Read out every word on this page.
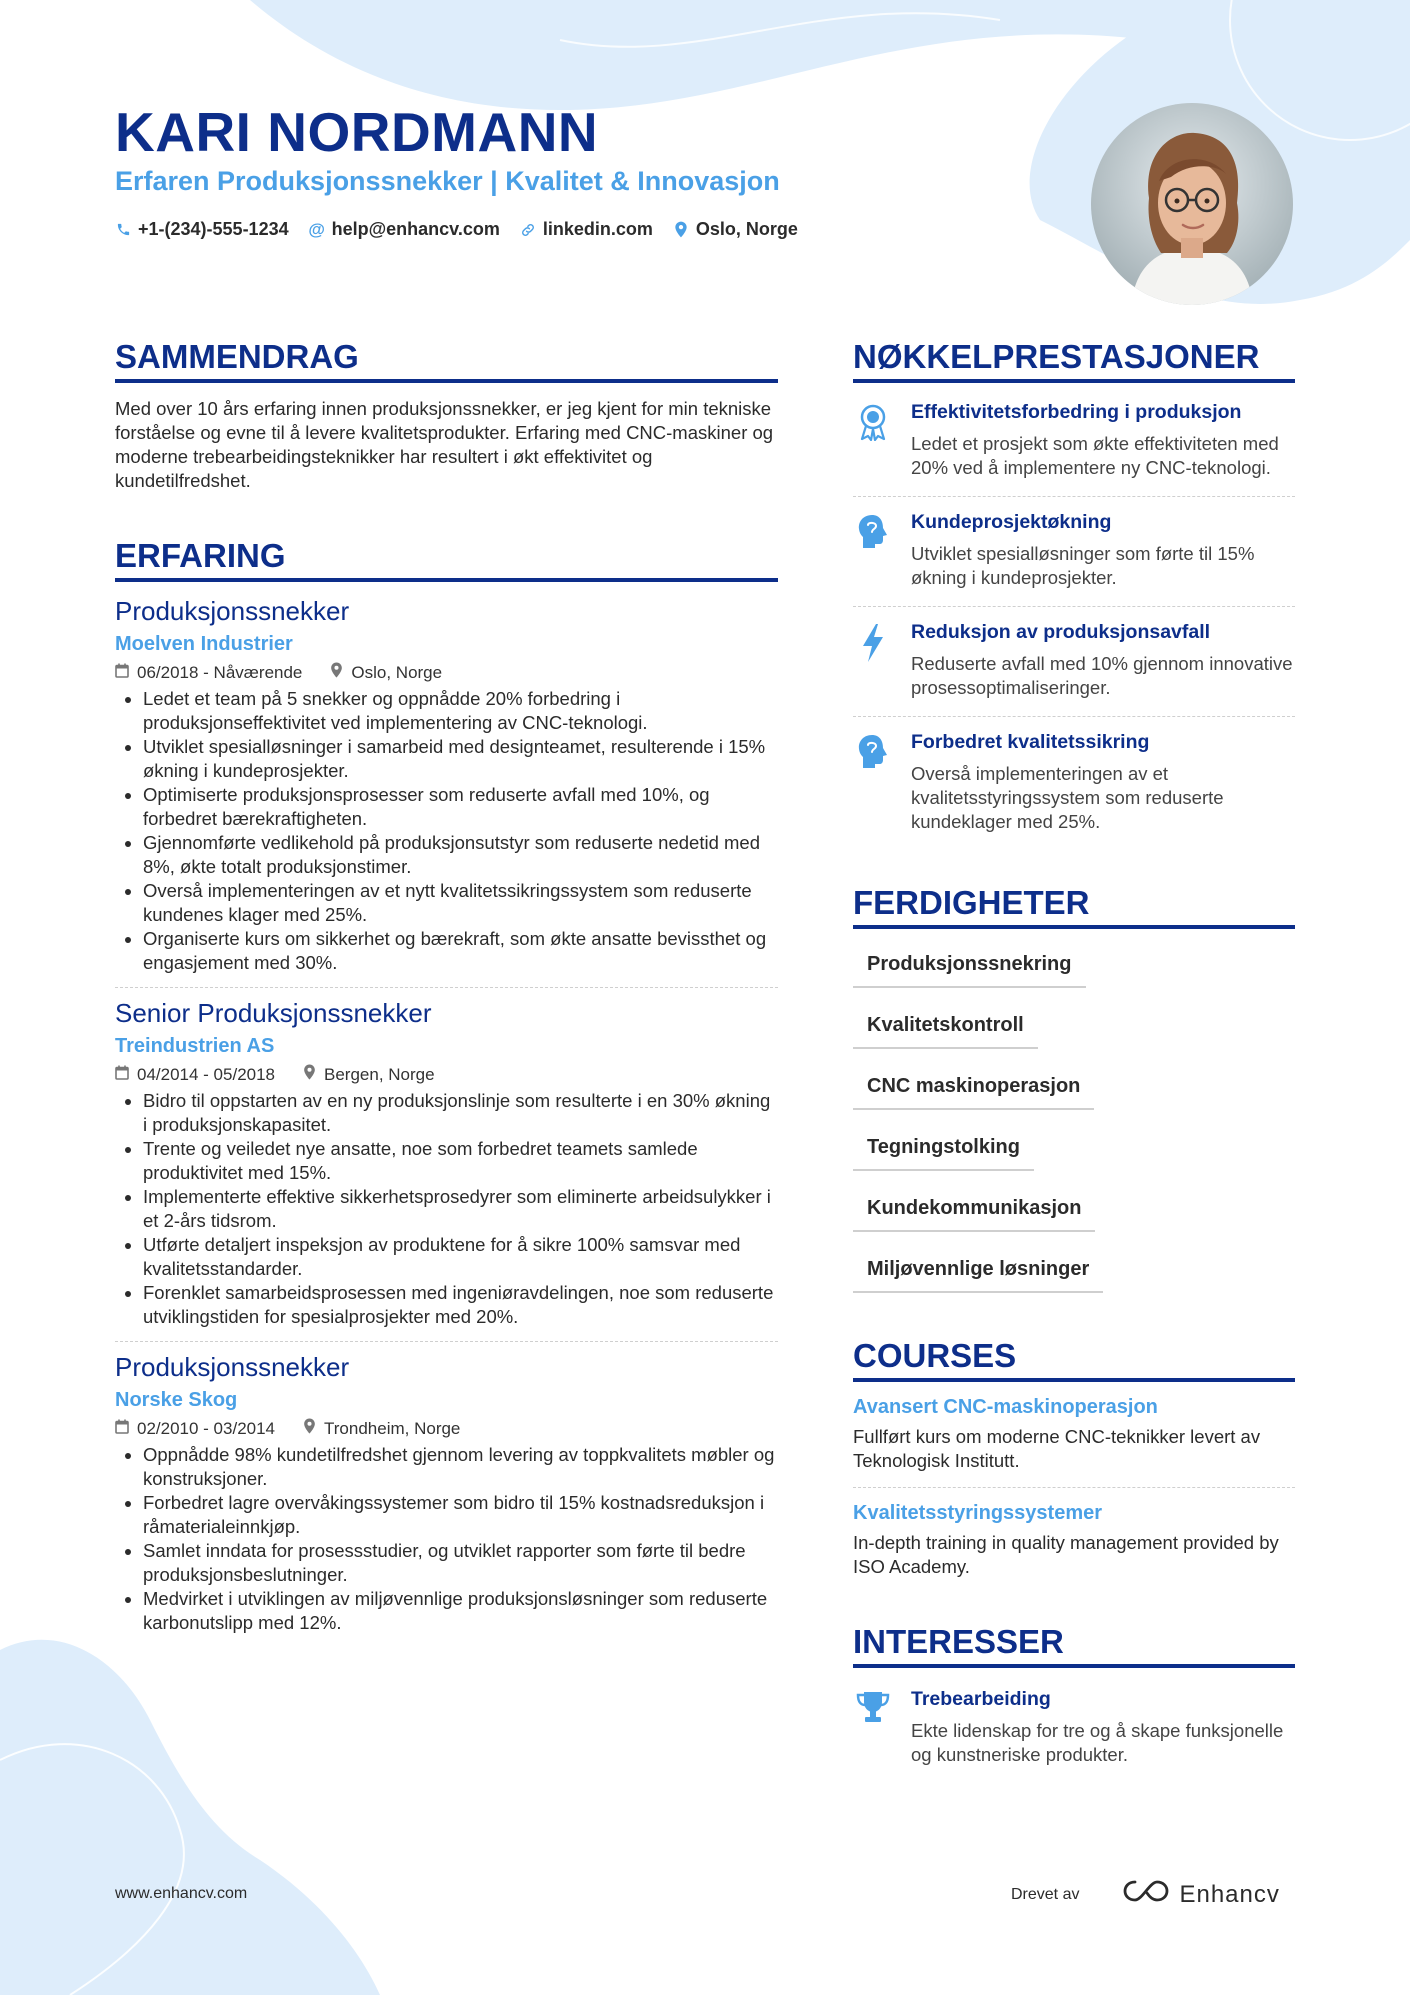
KARI NORDMANN
Erfaren Produksjonssnekker | Kvalitet & Innovasjon
+1-(234)-555-1234 @ help@enhancv.com linkedin.com Oslo, Norge
SAMMENDRAG

Med over 10 års erfaring innen produksjonssnekker, er jeg kjent for min tekniske forståelse og evne til å levere kvalitetsprodukter. Erfaring med CNC-maskiner og moderne trebearbeidingsteknikker har resultert i økt effektivitet og kundetilfredshet.

ERFARING
Produksjonssnekker
Moelven Industrier
06/2018 - Nåværende	Oslo, Norge
• Ledet et team på 5 snekker og oppnådde 20% forbedring i produksjonseffektivitet ved implementering av CNC-teknologi.
• Utviklet spesialløsninger i samarbeid med designteamet, resulterende i 15% økning i kundeprosjekter.
• Optimiserte produksjonsprosesser som reduserte avfall med 10%, og forbedret bærekraftigheten.
• Gjennomførte vedlikehold på produksjonsutstyr som reduserte nedetid med 8%, økte totalt produksjonstimer.
• Overså implementeringen av et nytt kvalitetssikringssystem som reduserte kundenes klager med 25%.
• Organiserte kurs om sikkerhet og bærekraft, som økte ansatte bevissthet og engasjement med 30%.
Senior Produksjonssnekker
Treindustrien AS
04/2014 - 05/2018	Bergen, Norge
• Bidro til oppstarten av en ny produksjonslinje som resulterte i en 30% økning i produksjonskapasitet.
• Trente og veiledet nye ansatte, noe som forbedret teamets samlede produktivitet med 15%.
• Implementerte effektive sikkerhetsprosedyrer som eliminerte arbeidsulykker i et 2-års tidsrom.
• Utførte detaljert inspeksjon av produktene for å sikre 100% samsvar med kvalitetsstandarder.
• Forenklet samarbeidsprosessen med ingeniøravdelingen, noe som reduserte utviklingstiden for spesialprosjekter med 20%.
Produksjonssnekker
Norske Skog
02/2010 - 03/2014	Trondheim, Norge
• Oppnådde 98% kundetilfredshet gjennom levering av toppkvalitets møbler og konstruksjoner.
• Forbedret lagre overvåkingssystemer som bidro til 15% kostnadsreduksjon i råmaterialeinnkjøp.
• Samlet inndata for prosessstudier, og utviklet rapporter som førte til bedre produksjonsbeslutninger.
• Medvirket i utviklingen av miljøvennlige produksjonsløsninger som reduserte karbonutslipp med 12%.
NØKKELPRESTASJONER
Effektivitetsforbedring i produksjon
Ledet et prosjekt som økte effektiviteten med 20% ved å implementere ny CNC-teknologi.
Kundeprosjektøkning
Utviklet spesialløsninger som førte til 15% økning i kundeprosjekter.
Reduksjon av produksjonsavfall
Reduserte avfall med 10% gjennom innovative prosessoptimaliseringer.
Forbedret kvalitetssikring
Overså implementeringen av et kvalitetsstyringssystem som reduserte kundeklager med 25%.
FERDIGHETER
Produksjonssnekring
Kvalitetskontroll
CNC maskinoperasjon
Tegningstolking
Kundekommunikasjon
Miljøvennlige løsninger
COURSES
Avansert CNC-maskinoperasjon
Fullført kurs om moderne CNC-teknikker levert av Teknologisk Institutt.
Kvalitetsstyringssystemer
In-depth training in quality management provided by ISO Academy.
INTERESSER
Trebearbeiding
Ekte lidenskap for tre og å skape funksjonelle og kunstneriske produkter.
www.enhancv.com	Drevet av	Enhancv
